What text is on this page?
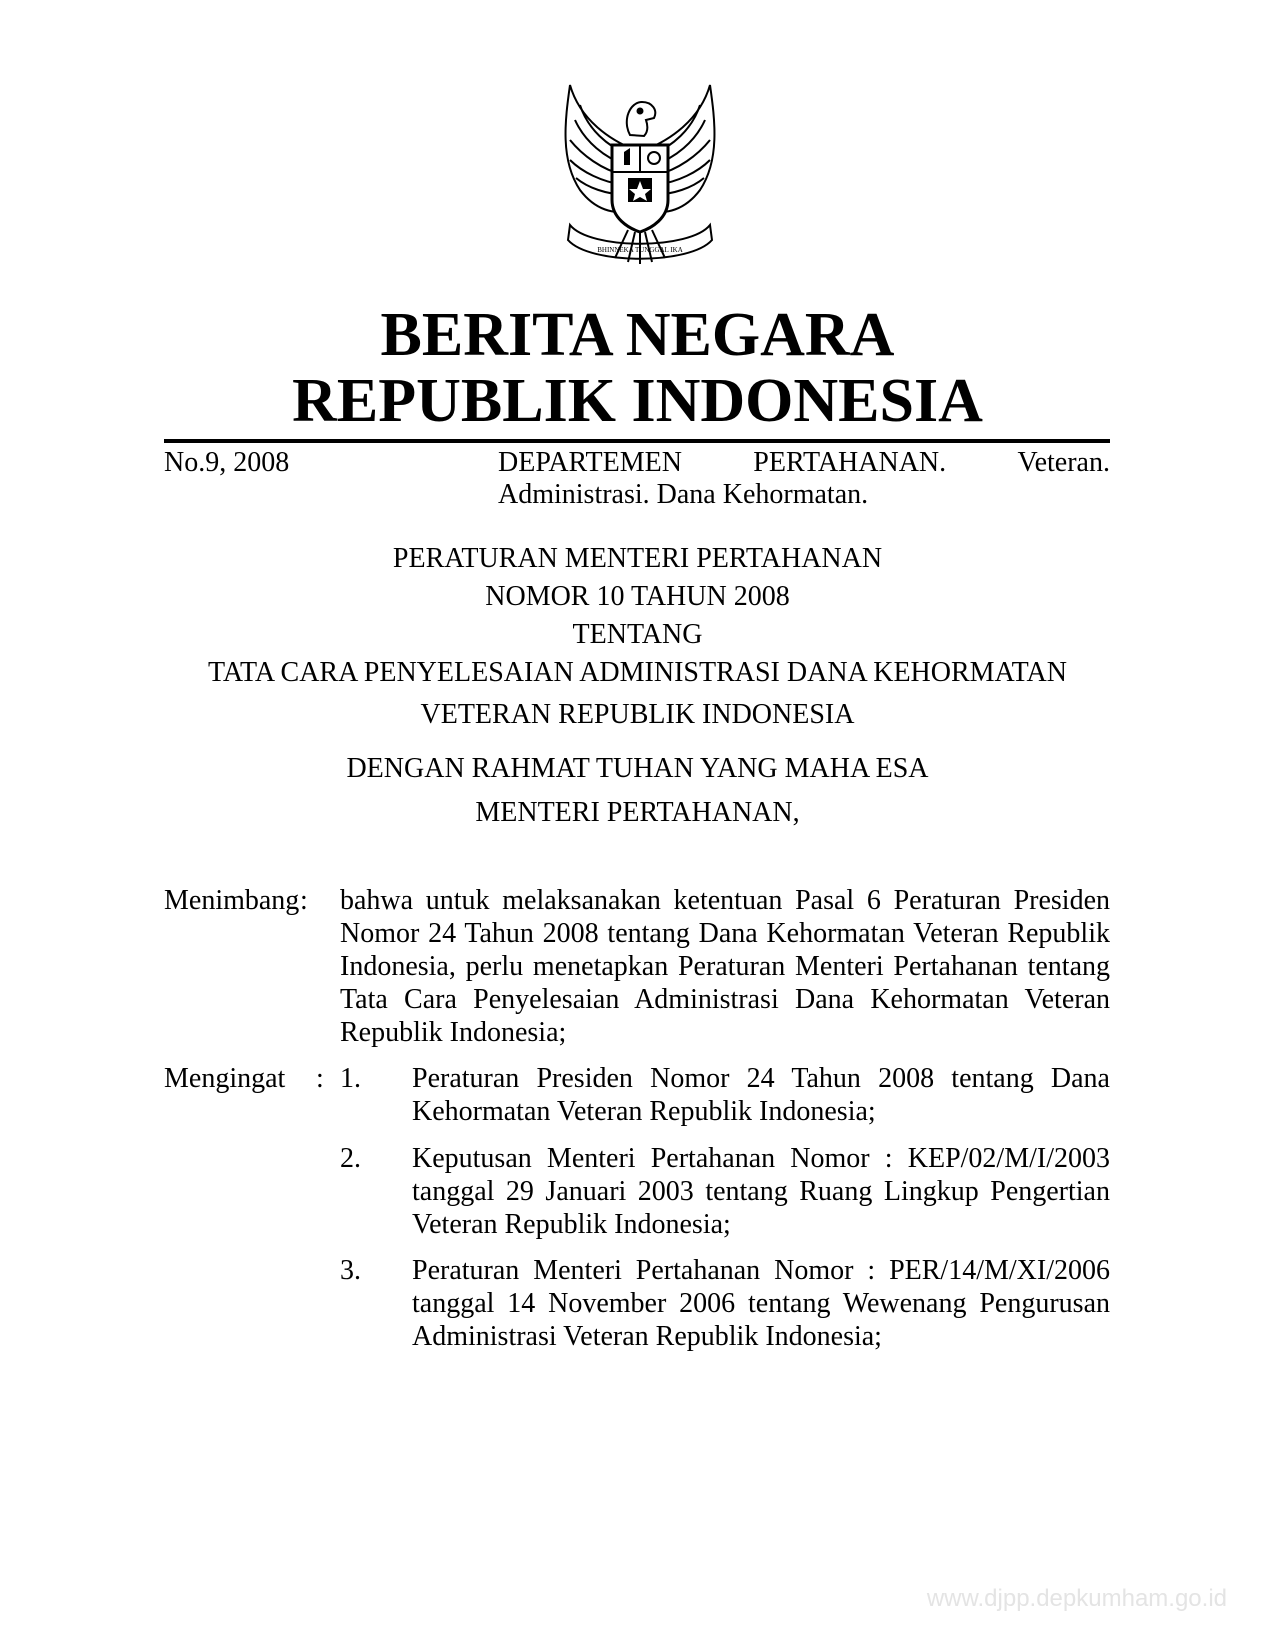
BHINNEKA TUNGGAL IKA
BERITA NEGARA
REPUBLIK INDONESIA
No.9, 2008	DEPARTEMEN	PERTAHANAN.	Veteran.
Administrasi. Dana Kehormatan.
PERATURAN MENTERI PERTAHANAN
NOMOR 10 TAHUN 2008
TENTANG
TATA CARA PENYELESAIAN ADMINISTRASI DANA KEHORMATAN
VETERAN REPUBLIK INDONESIA
DENGAN RAHMAT TUHAN YANG MAHA ESA
MENTERI PERTAHANAN,
Menimbang : bahwa untuk melaksanakan ketentuan Pasal 6 Peraturan Presiden Nomor 24 Tahun 2008 tentang Dana Kehormatan Veteran Republik Indonesia, perlu menetapkan Peraturan Menteri Pertahanan tentang Tata Cara Penyelesaian Administrasi Dana Kehormatan Veteran Republik Indonesia;
Mengingat : 1. Peraturan Presiden Nomor 24 Tahun 2008 tentang Dana Kehormatan Veteran Republik Indonesia;
2. Keputusan Menteri Pertahanan Nomor : KEP/02/M/I/2003 tanggal 29 Januari 2003 tentang Ruang Lingkup Pengertian Veteran Republik Indonesia;
3. Peraturan Menteri Pertahanan Nomor : PER/14/M/XI/2006 tanggal 14 November 2006 tentang Wewenang Pengurusan Administrasi Veteran Republik Indonesia;
www.djpp.depkumham.go.id
